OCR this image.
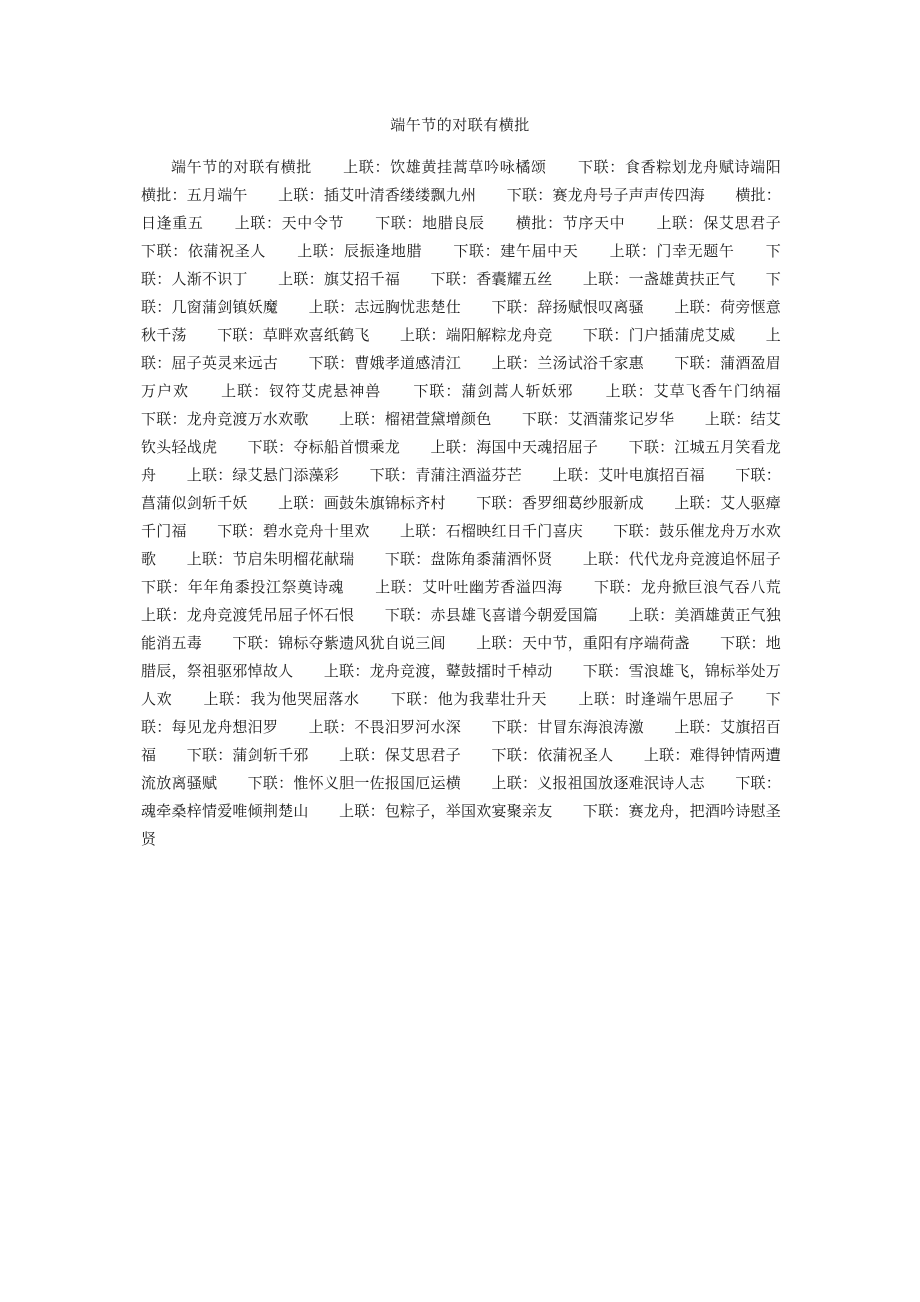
端午节的对联有横批

端午节的对联有横批　　上联：饮雄黄挂蒿草吟咏橘颂　　下联：食香粽划龙舟赋诗端阳　　横批：五月端午　　上联：插艾叶清香缕缕飘九州　　下联：赛龙舟号子声声传四海　　横批：日逢重五　　上联：天中令节　　下联：地腊良辰　　横批：节序天中　　上联：保艾思君子　　下联：依蒲祝圣人　　上联：辰振逢地腊　　下联：建午届中天　　上联：门幸无题午　　下联：人渐不识丁　　上联：旗艾招千福　　下联：香囊耀五丝　　上联：一盏雄黄扶正气　　下联：几窗蒲剑镇妖魔　　上联：志远胸忧悲楚仕　　下联：辞扬赋恨叹离骚　　上联：荷旁惬意秋千荡　　下联：草畔欢喜纸鹤飞　　上联：端阳解粽龙舟竞　　下联：门户插蒲虎艾威　　上联：屈子英灵来远古　　下联：曹娥孝道感清江　　上联：兰汤试浴千家惠　　下联：蒲酒盈眉万户欢　　上联：钗符艾虎悬神兽　　下联：蒲剑蒿人斩妖邪　　上联：艾草飞香午门纳福　　下联：龙舟竞渡万水欢歌　　上联：榴裙萱黛增颜色　　下联：艾酒蒲浆记岁华　　上联：结艾钦头轻战虎　　下联：夺标船首惯乘龙　　上联：海国中天魂招屈子　　下联：江城五月笑看龙舟　　上联：绿艾悬门添藻彩　　下联：青蒲注酒溢芬芒　　上联：艾叶电旗招百福　　下联：菖蒲似剑斩千妖　　上联：画鼓朱旗锦标齐村　　下联：香罗细葛纱服新成　　上联：艾人驱瘴千门福　　下联：碧水竞舟十里欢　　上联：石榴映红日千门喜庆　　下联：鼓乐催龙舟万水欢歌　　上联：节启朱明榴花献瑞　　下联：盘陈角黍蒲酒怀贤　　上联：代代龙舟竞渡追怀屈子　　下联：年年角黍投江祭奠诗魂　　上联：艾叶吐幽芳香溢四海　　下联：龙舟掀巨浪气吞八荒　　上联：龙舟竞渡凭吊屈子怀石恨　　下联：赤县雄飞喜谱今朝爱国篇　　上联：美酒雄黄正气独能消五毒　　下联：锦标夺紫遗风犹自说三闾　　上联：天中节，重阳有序端荷盏　　下联：地腊辰，祭祖驱邪悼故人　　上联：龙舟竞渡，鼙鼓擂时千棹动　　下联：雪浪雄飞，锦标举处万人欢　　上联：我为他哭屈落水　　下联：他为我辈壮升天　　上联：时逢端午思屈子　　下联：每见龙舟想汨罗　　上联：不畏汨罗河水深　　下联：甘冒东海浪涛激　　上联：艾旗招百福　　下联：蒲剑斩千邪　　上联：保艾思君子　　下联：依蒲祝圣人　　上联：难得钟情两遭流放离骚赋　　下联：惟怀义胆一佐报国厄运横　　上联：义报祖国放逐难泯诗人志　　下联：魂牵桑梓情爱唯倾荆楚山　　上联：包粽子，举国欢宴聚亲友　　下联：赛龙舟，把酒吟诗慰圣贤
